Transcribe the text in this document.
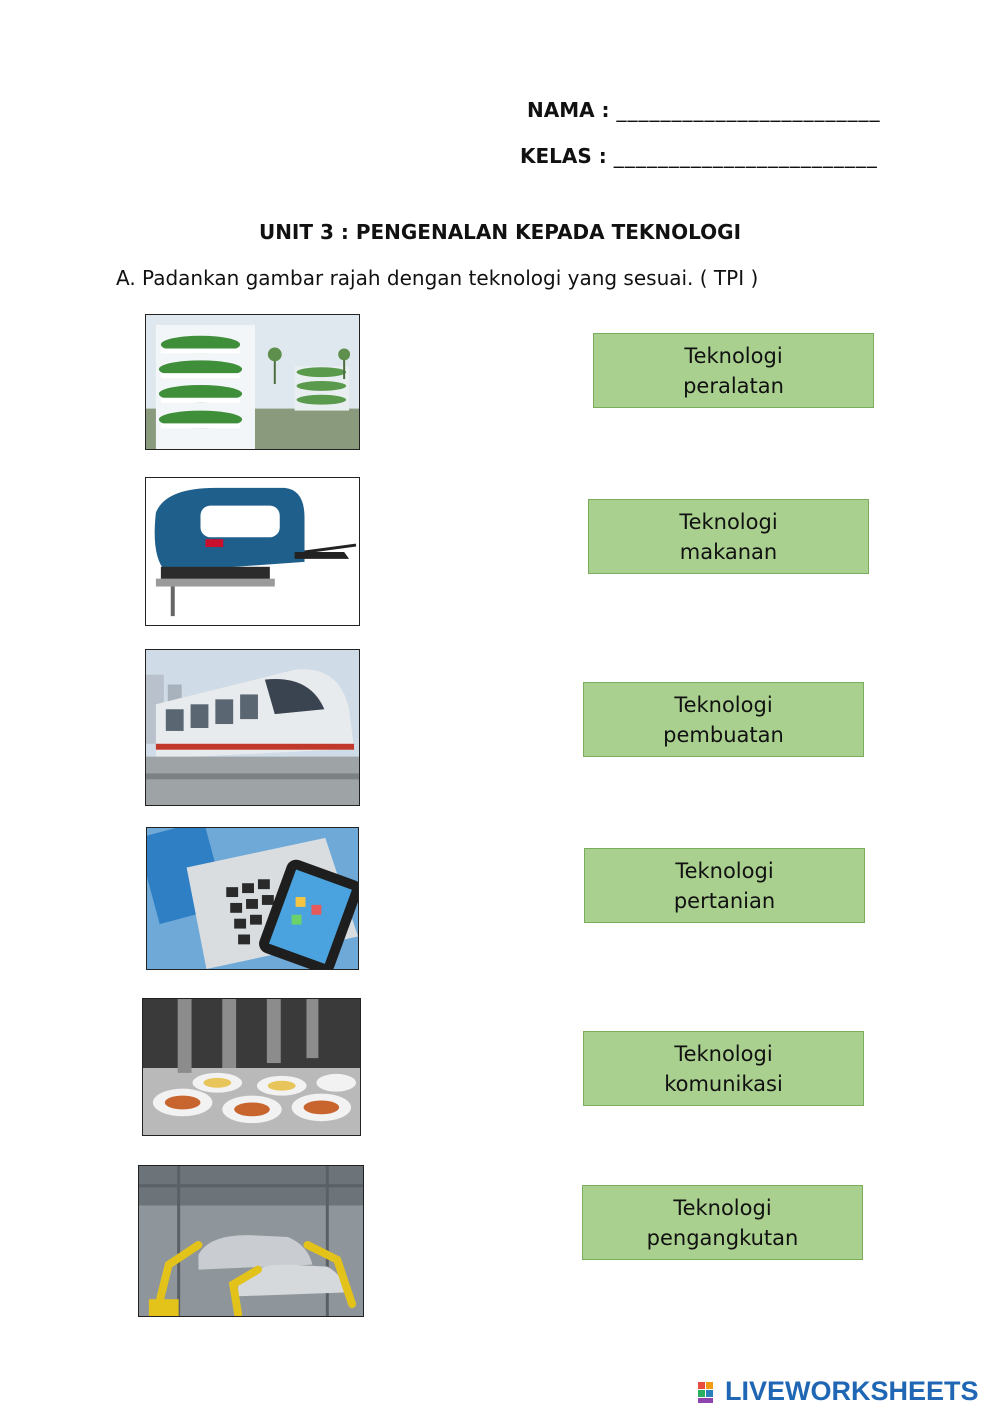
NAMA : ________________________
KELAS : ________________________
UNIT 3 : PENGENALAN KEPADA TEKNOLOGI
A. Padankan gambar rajah dengan teknologi yang sesuai. ( TPI )
Teknologi
peralatan
Teknologi
makanan
Teknologi
pembuatan
Teknologi
pertanian
Teknologi
komunikasi
Teknologi
pengangkutan
LIVEWORKSHEETS
